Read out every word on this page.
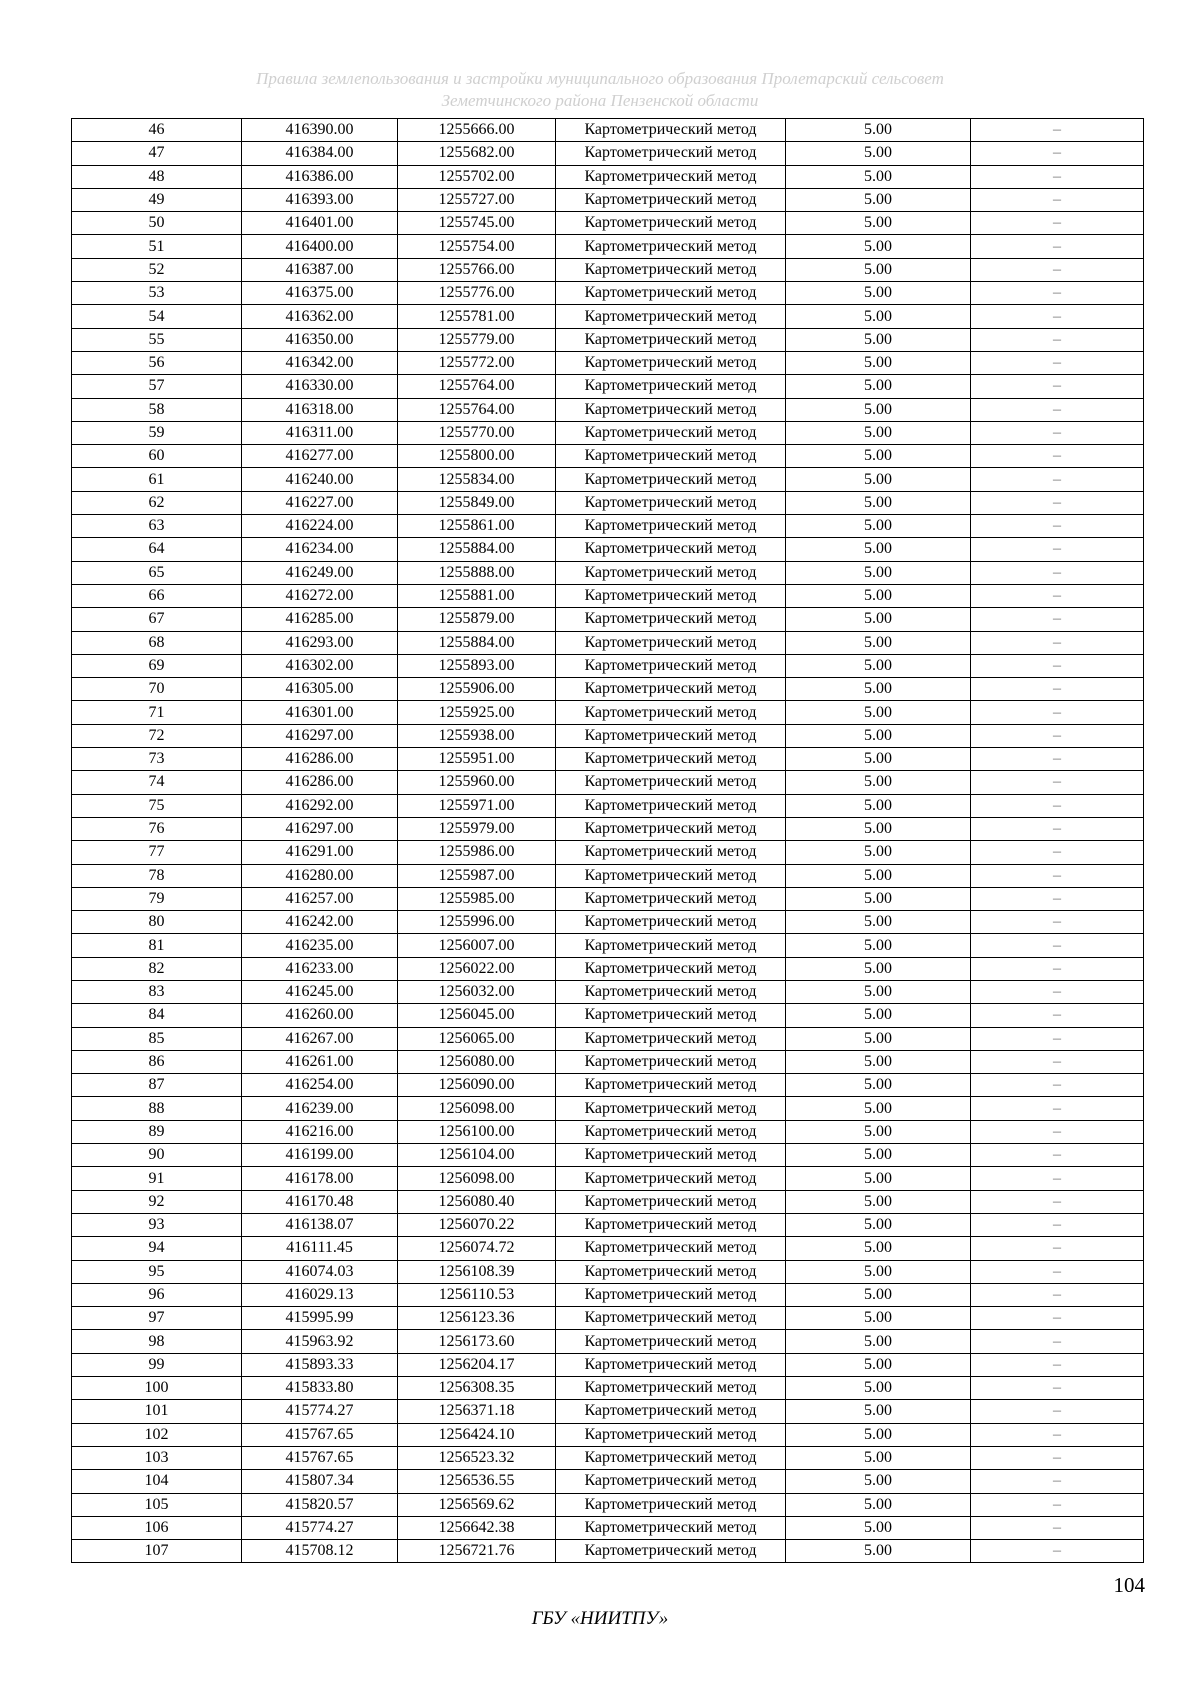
Правила землепользования и застройки муниципального образования Пролетарский сельсовет
Земетчинского района Пензенской области
46	416390.00	1255666.00	Картометрический метод	5.00	–
47	416384.00	1255682.00	Картометрический метод	5.00	–
48	416386.00	1255702.00	Картометрический метод	5.00	–
49	416393.00	1255727.00	Картометрический метод	5.00	–
50	416401.00	1255745.00	Картометрический метод	5.00	–
51	416400.00	1255754.00	Картометрический метод	5.00	–
52	416387.00	1255766.00	Картометрический метод	5.00	–
53	416375.00	1255776.00	Картометрический метод	5.00	–
54	416362.00	1255781.00	Картометрический метод	5.00	–
55	416350.00	1255779.00	Картометрический метод	5.00	–
56	416342.00	1255772.00	Картометрический метод	5.00	–
57	416330.00	1255764.00	Картометрический метод	5.00	–
58	416318.00	1255764.00	Картометрический метод	5.00	–
59	416311.00	1255770.00	Картометрический метод	5.00	–
60	416277.00	1255800.00	Картометрический метод	5.00	–
61	416240.00	1255834.00	Картометрический метод	5.00	–
62	416227.00	1255849.00	Картометрический метод	5.00	–
63	416224.00	1255861.00	Картометрический метод	5.00	–
64	416234.00	1255884.00	Картометрический метод	5.00	–
65	416249.00	1255888.00	Картометрический метод	5.00	–
66	416272.00	1255881.00	Картометрический метод	5.00	–
67	416285.00	1255879.00	Картометрический метод	5.00	–
68	416293.00	1255884.00	Картометрический метод	5.00	–
69	416302.00	1255893.00	Картометрический метод	5.00	–
70	416305.00	1255906.00	Картометрический метод	5.00	–
71	416301.00	1255925.00	Картометрический метод	5.00	–
72	416297.00	1255938.00	Картометрический метод	5.00	–
73	416286.00	1255951.00	Картометрический метод	5.00	–
74	416286.00	1255960.00	Картометрический метод	5.00	–
75	416292.00	1255971.00	Картометрический метод	5.00	–
76	416297.00	1255979.00	Картометрический метод	5.00	–
77	416291.00	1255986.00	Картометрический метод	5.00	–
78	416280.00	1255987.00	Картометрический метод	5.00	–
79	416257.00	1255985.00	Картометрический метод	5.00	–
80	416242.00	1255996.00	Картометрический метод	5.00	–
81	416235.00	1256007.00	Картометрический метод	5.00	–
82	416233.00	1256022.00	Картометрический метод	5.00	–
83	416245.00	1256032.00	Картометрический метод	5.00	–
84	416260.00	1256045.00	Картометрический метод	5.00	–
85	416267.00	1256065.00	Картометрический метод	5.00	–
86	416261.00	1256080.00	Картометрический метод	5.00	–
87	416254.00	1256090.00	Картометрический метод	5.00	–
88	416239.00	1256098.00	Картометрический метод	5.00	–
89	416216.00	1256100.00	Картометрический метод	5.00	–
90	416199.00	1256104.00	Картометрический метод	5.00	–
91	416178.00	1256098.00	Картометрический метод	5.00	–
92	416170.48	1256080.40	Картометрический метод	5.00	–
93	416138.07	1256070.22	Картометрический метод	5.00	–
94	416111.45	1256074.72	Картометрический метод	5.00	–
95	416074.03	1256108.39	Картометрический метод	5.00	–
96	416029.13	1256110.53	Картометрический метод	5.00	–
97	415995.99	1256123.36	Картометрический метод	5.00	–
98	415963.92	1256173.60	Картометрический метод	5.00	–
99	415893.33	1256204.17	Картометрический метод	5.00	–
100	415833.80	1256308.35	Картометрический метод	5.00	–
101	415774.27	1256371.18	Картометрический метод	5.00	–
102	415767.65	1256424.10	Картометрический метод	5.00	–
103	415767.65	1256523.32	Картометрический метод	5.00	–
104	415807.34	1256536.55	Картометрический метод	5.00	–
105	415820.57	1256569.62	Картометрический метод	5.00	–
106	415774.27	1256642.38	Картометрический метод	5.00	–
107	415708.12	1256721.76	Картометрический метод	5.00	–
104
ГБУ «НИИТПУ»
